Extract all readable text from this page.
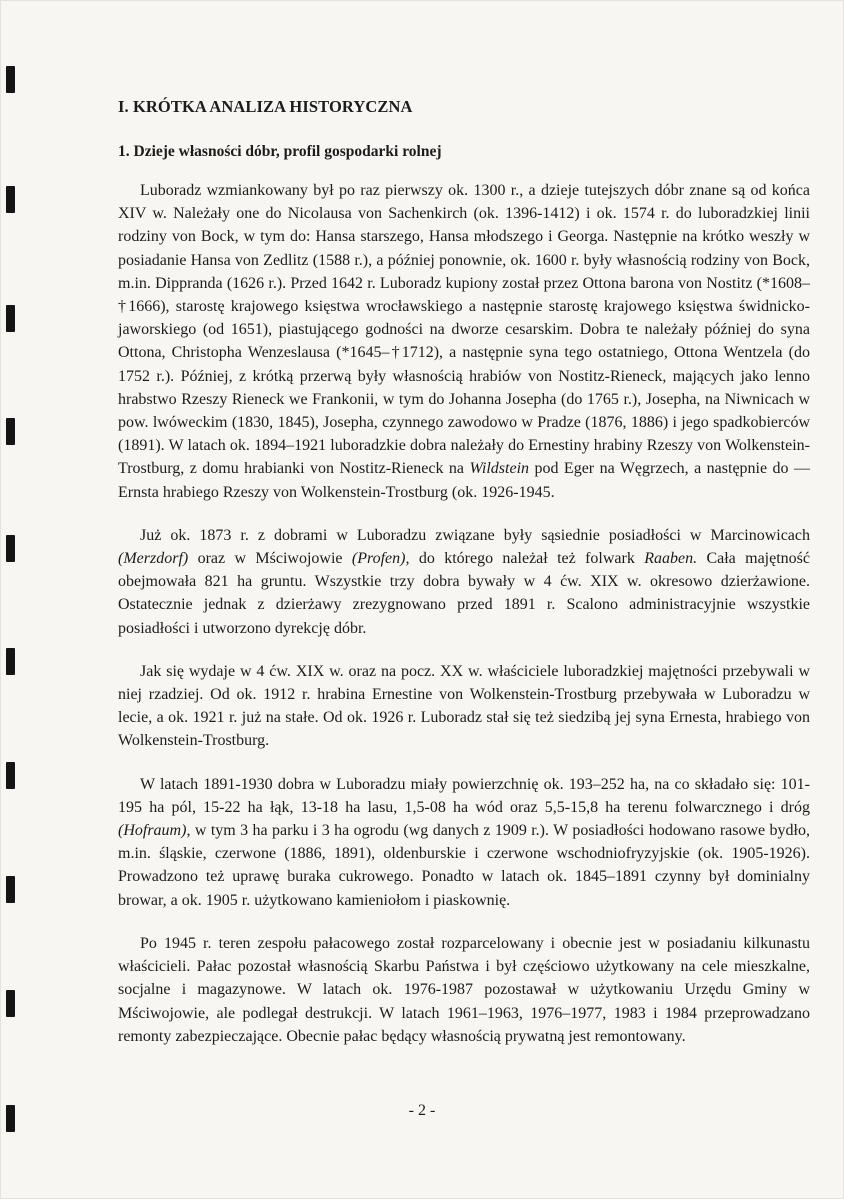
I. KRÓTKA ANALIZA HISTORYCZNA
1. Dzieje własności dóbr, profil gospodarki rolnej

Luboradz wzmiankowany był po raz pierwszy ok. 1300 r., a dzieje tutejszych dóbr znane są od końca XIV w. Należały one do Nicolausa von Sachenkirch (ok. 1396-1412) i ok. 1574 r. do luboradzkiej linii rodziny von Bock, w tym do: Hansa starszego, Hansa młodszego i Georga. Następnie na krótko weszły w posiadanie Hansa von Zedlitz (1588 r.), a później ponownie, ok. 1600 r. były własnością rodziny von Bock, m.in. Dippranda (1626 r.). Przed 1642 r. Luboradz kupiony został przez Ottona barona von Nostitz (*1608–†1666), starostę krajowego księstwa wrocławskiego a następnie starostę krajowego księstwa świdnicko-jaworskiego (od 1651), piastującego godności na dworze cesarskim. Dobra te należały później do syna Ottona, Christopha Wenzeslausa (*1645–†1712), a następnie syna tego ostatniego, Ottona Wentzela (do 1752 r.). Później, z krótką przerwą były własnością hrabiów von Nostitz-Rieneck, mających jako lenno hrabstwo Rzeszy Rieneck we Frankonii, w tym do Johanna Josepha (do 1765 r.), Josepha, na Niwnicach w pow. lwóweckim (1830, 1845), Josepha, czynnego zawodowo w Pradze (1876, 1886) i jego spadkobierców (1891). W latach ok. 1894–1921 luboradzkie dobra należały do Ernestiny hrabiny Rzeszy von Wolkenstein-Trostburg, z domu hrabianki von Nostitz-Rieneck na Wildstein pod Eger na Węgrzech, a następnie do — Ernsta hrabiego Rzeszy von Wolkenstein-Trostburg (ok. 1926-1945.

Już ok. 1873 r. z dobrami w Luboradzu związane były sąsiednie posiadłości w Marcinowicach (Merzdorf) oraz w Mściwojowie (Profen), do którego należał też folwark Raaben. Cała majętność obejmowała 821 ha gruntu. Wszystkie trzy dobra bywały w 4 ćw. XIX w. okresowo dzierżawione. Ostatecznie jednak z dzierżawy zrezygnowano przed 1891 r. Scalono administracyjnie wszystkie posiadłości i utworzono dyrekcję dóbr.

Jak się wydaje w 4 ćw. XIX w. oraz na pocz. XX w. właściciele luboradzkiej majętności przebywali w niej rzadziej. Od ok. 1912 r. hrabina Ernestine von Wolkenstein-Trostburg przebywała w Luboradzu w lecie, a ok. 1921 r. już na stałe. Od ok. 1926 r. Luboradz stał się też siedzibą jej syna Ernesta, hrabiego von Wolkenstein-Trostburg.

W latach 1891-1930 dobra w Luboradzu miały powierzchnię ok. 193–252 ha, na co składało się: 101-195 ha pól, 15-22 ha łąk, 13-18 ha lasu, 1,5-08 ha wód oraz 5,5-15,8 ha terenu folwarcznego i dróg (Hofraum), w tym 3 ha parku i 3 ha ogrodu (wg danych z 1909 r.). W posiadłości hodowano rasowe bydło, m.in. śląskie, czerwone (1886, 1891), oldenburskie i czerwone wschodniofryzyjskie (ok. 1905-1926). Prowadzono też uprawę buraka cukrowego. Ponadto w latach ok. 1845–1891 czynny był dominialny browar, a ok. 1905 r. użytkowano kamieniołom i piaskownię.

Po 1945 r. teren zespołu pałacowego został rozparcelowany i obecnie jest w posiadaniu kilkunastu właścicieli. Pałac pozostał własnością Skarbu Państwa i był częściowo użytkowany na cele mieszkalne, socjalne i magazynowe. W latach ok. 1976-1987 pozostawał w użytkowaniu Urzędu Gminy w Mściwojowie, ale podlegał destrukcji. W latach 1961–1963, 1976–1977, 1983 i 1984 przeprowadzano remonty zabezpieczające. Obecnie pałac będący własnością prywatną jest remontowany.

- 2 -
